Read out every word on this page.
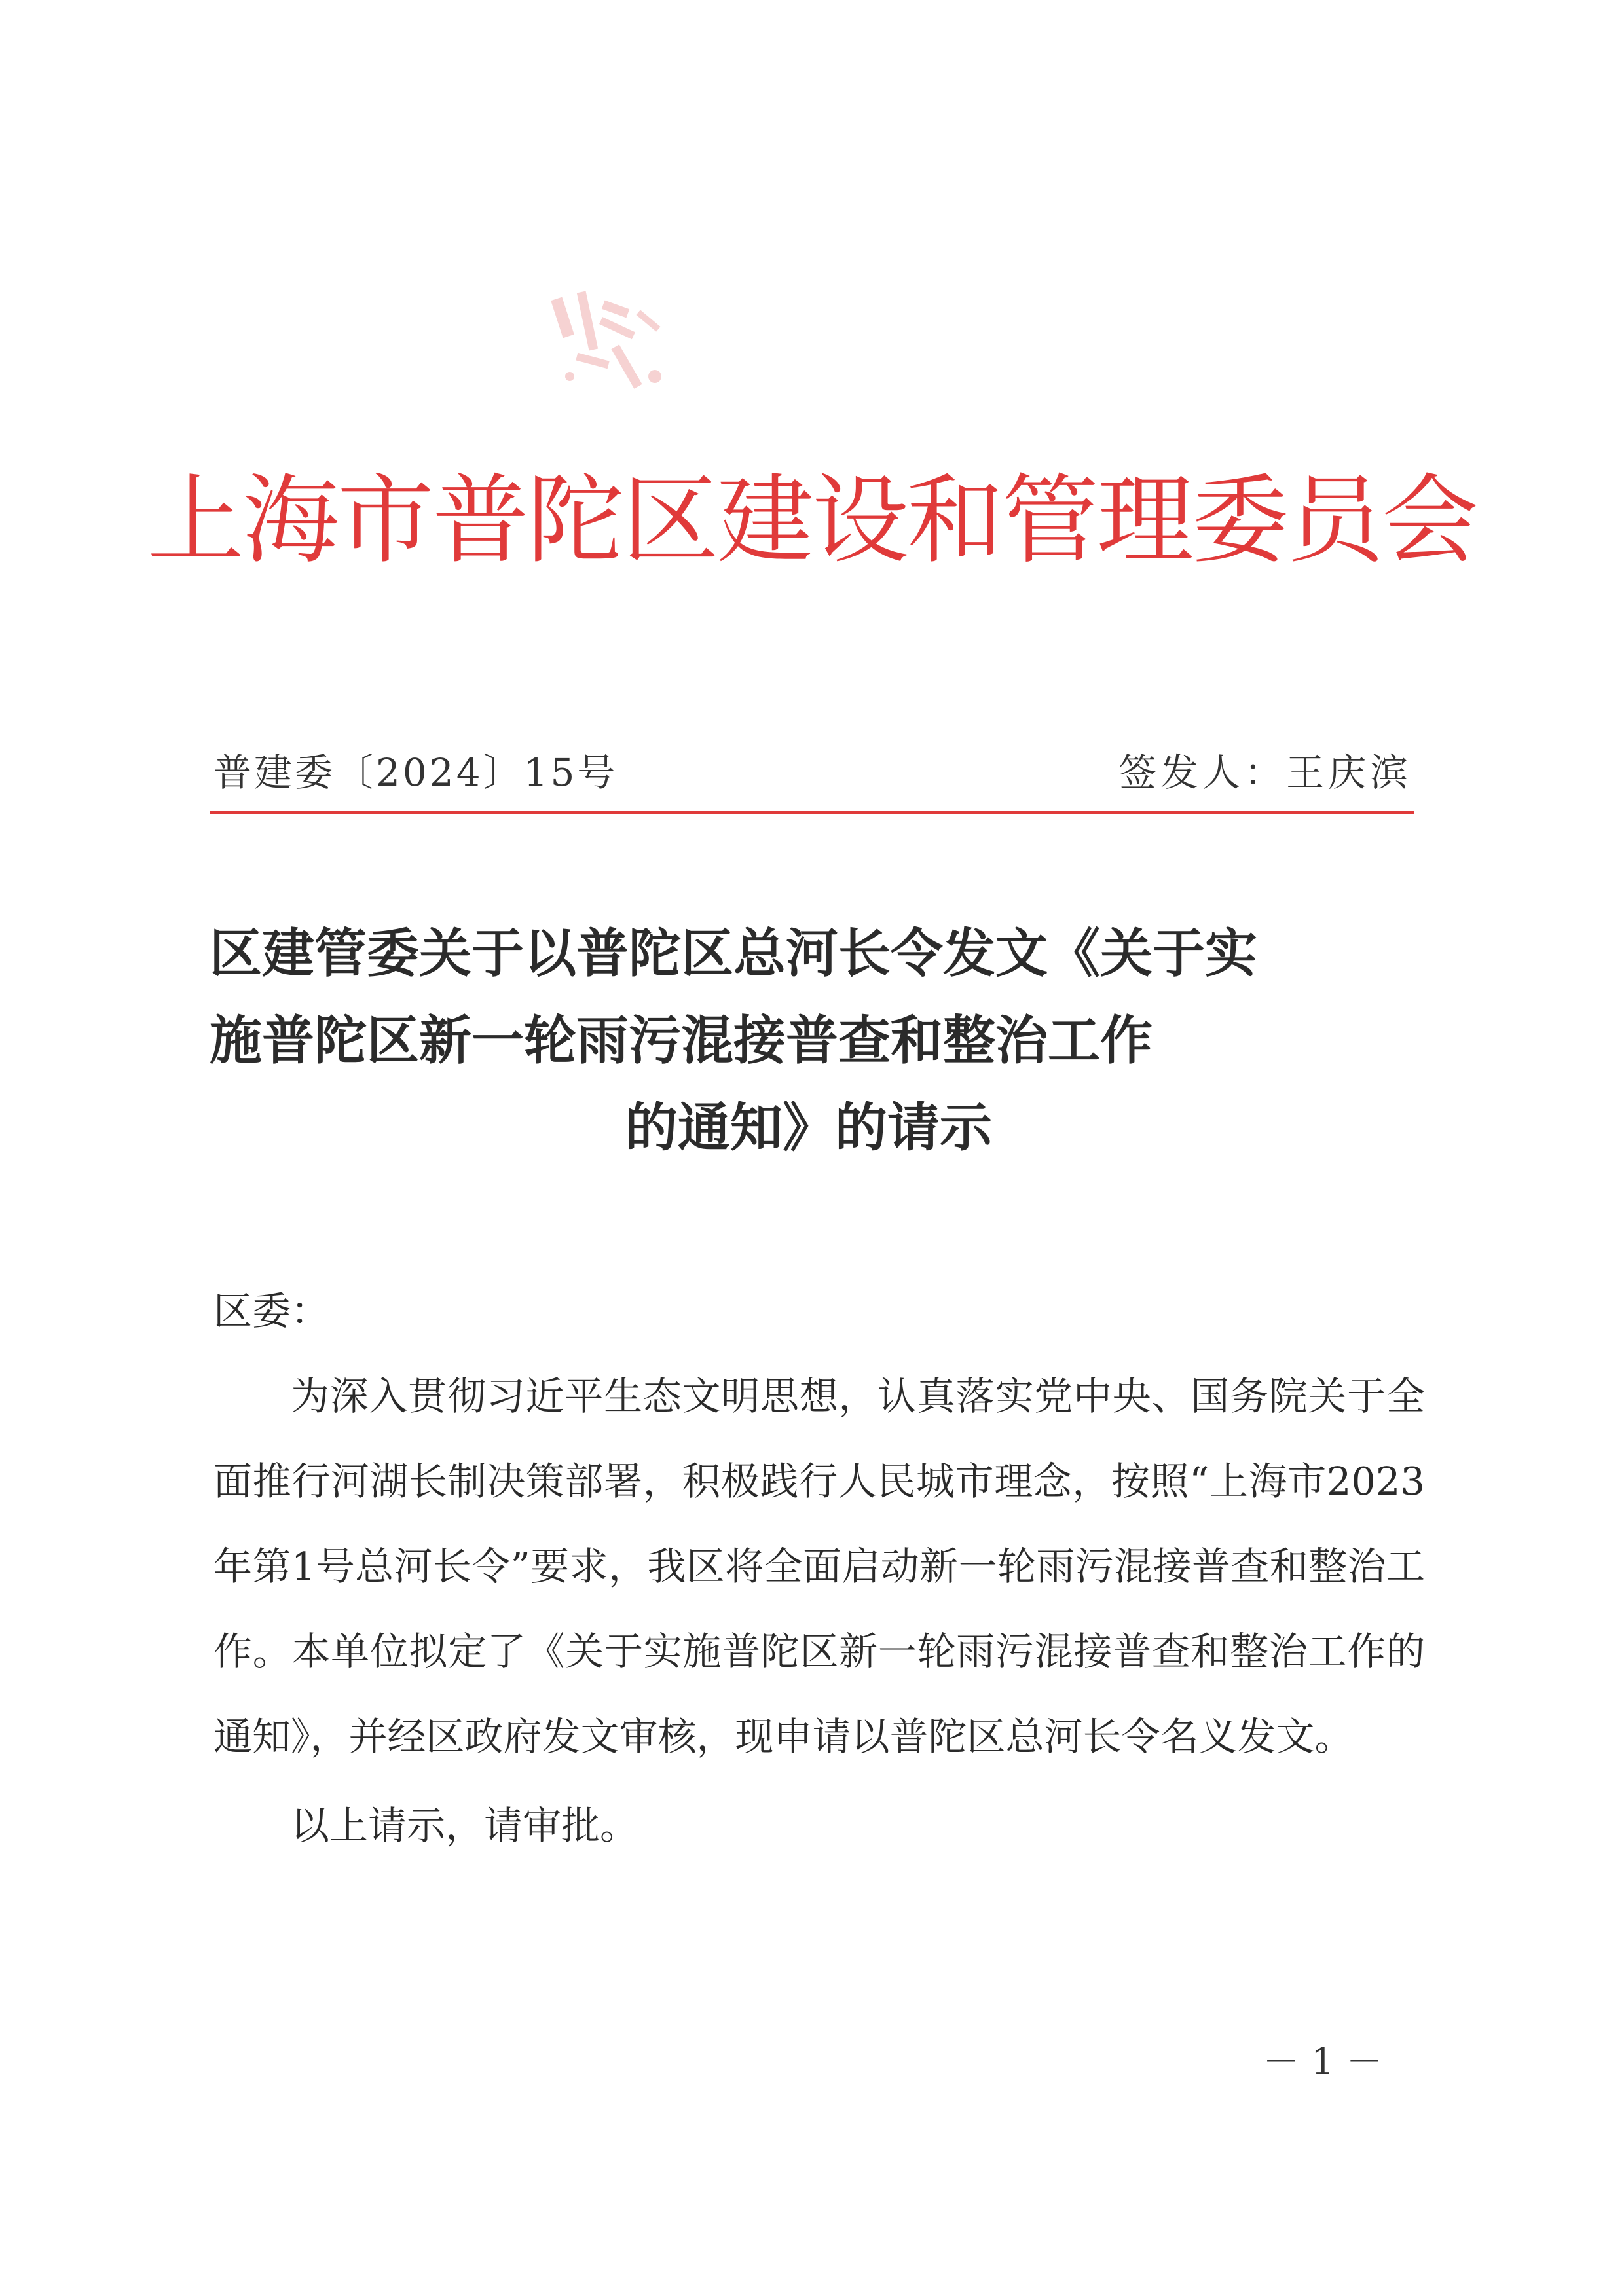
上海市普陀区建设和管理委员会
普建委〔2024〕15号	签发人：王庆滨
区建管委关于以普陀区总河长令发文《关于实
施普陀区新一轮雨污混接普查和整治工作
的通知》的请示

区委：

为深入贯彻习近平生态文明思想，认真落实党中央、国务院关于全面推行河湖长制决策部署，积极践行人民城市理念，按照“上海市2023年第1号总河长令”要求，我区将全面启动新一轮雨污混接普查和整治工作。本单位拟定了《关于实施普陀区新一轮雨污混接普查和整治工作的通知》，并经区政府发文审核，现申请以普陀区总河长令名义发文。

以上请示，请审批。

－ 1 －
